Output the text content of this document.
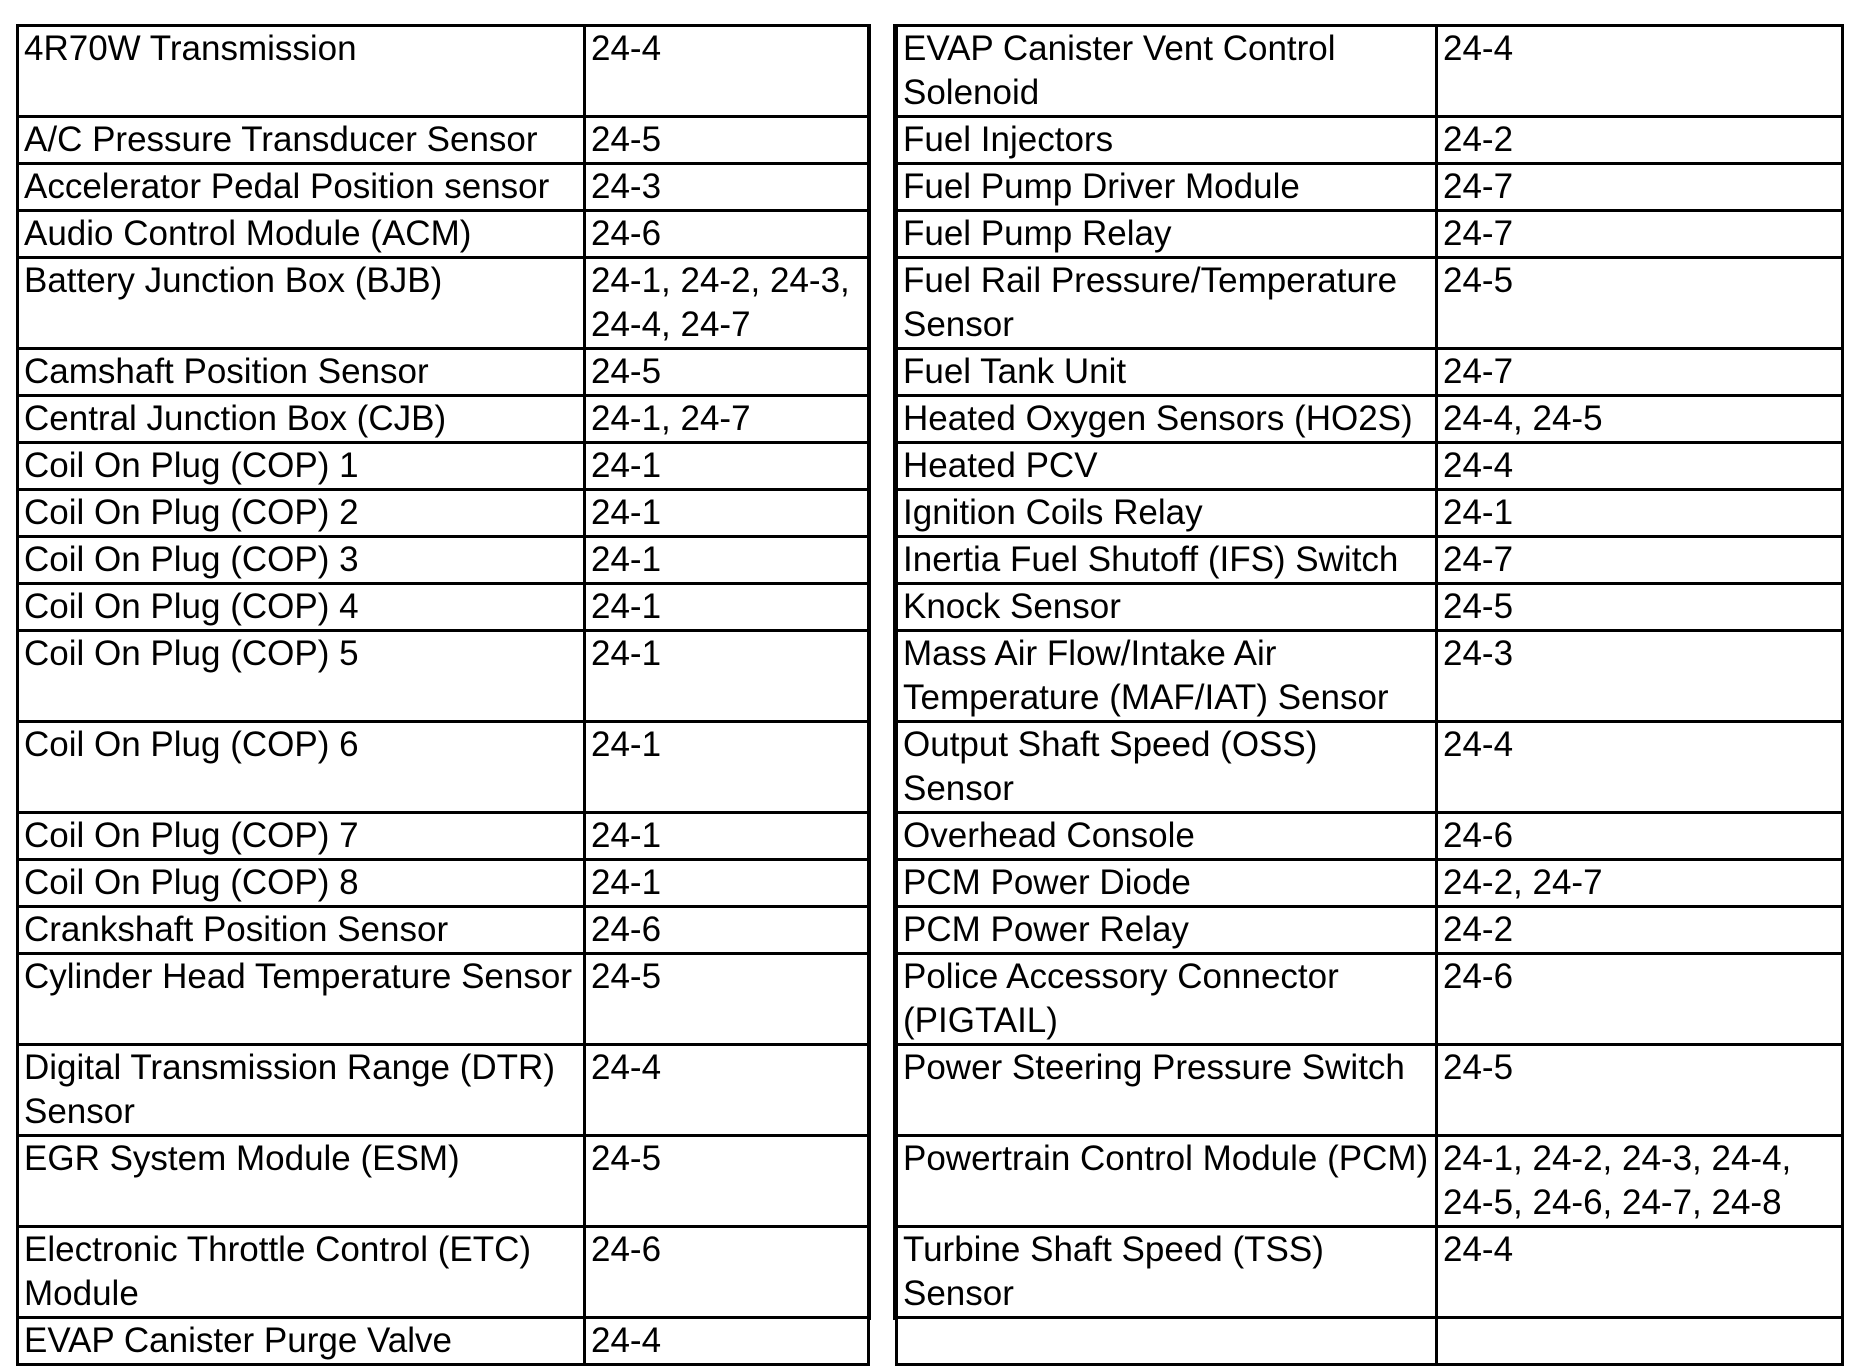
4R70W Transmission	24-4
A/C Pressure Transducer Sensor	24-5
Accelerator Pedal Position sensor	24-3
Audio Control Module (ACM)	24-6
Battery Junction Box (BJB)	24-1, 24-2, 24-3, 24-4, 24-7
Camshaft Position Sensor	24-5
Central Junction Box (CJB)	24-1, 24-7
Coil On Plug (COP) 1	24-1
Coil On Plug (COP) 2	24-1
Coil On Plug (COP) 3	24-1
Coil On Plug (COP) 4	24-1
Coil On Plug (COP) 5	24-1
Coil On Plug (COP) 6	24-1
Coil On Plug (COP) 7	24-1
Coil On Plug (COP) 8	24-1
Crankshaft Position Sensor	24-6
Cylinder Head Temperature Sensor	24-5
Digital Transmission Range (DTR) Sensor	24-4
EGR System Module (ESM)	24-5
Electronic Throttle Control (ETC) Module	24-6
EVAP Canister Purge Valve	24-4
EVAP Canister Vent Control Solenoid	24-4
Fuel Injectors	24-2
Fuel Pump Driver Module	24-7
Fuel Pump Relay	24-7
Fuel Rail Pressure/Temperature Sensor	24-5
Fuel Tank Unit	24-7
Heated Oxygen Sensors (HO2S)	24-4, 24-5
Heated PCV	24-4
Ignition Coils Relay	24-1
Inertia Fuel Shutoff (IFS) Switch	24-7
Knock Sensor	24-5
Mass Air Flow/Intake Air Temperature (MAF/IAT) Sensor	24-3
Output Shaft Speed (OSS) Sensor	24-4
Overhead Console	24-6
PCM Power Diode	24-2, 24-7
PCM Power Relay	24-2
Police Accessory Connector (PIGTAIL)	24-6
Power Steering Pressure Switch	24-5
Powertrain Control Module (PCM)	24-1, 24-2, 24-3, 24-4, 24-5, 24-6, 24-7, 24-8
Turbine Shaft Speed (TSS) Sensor	24-4
